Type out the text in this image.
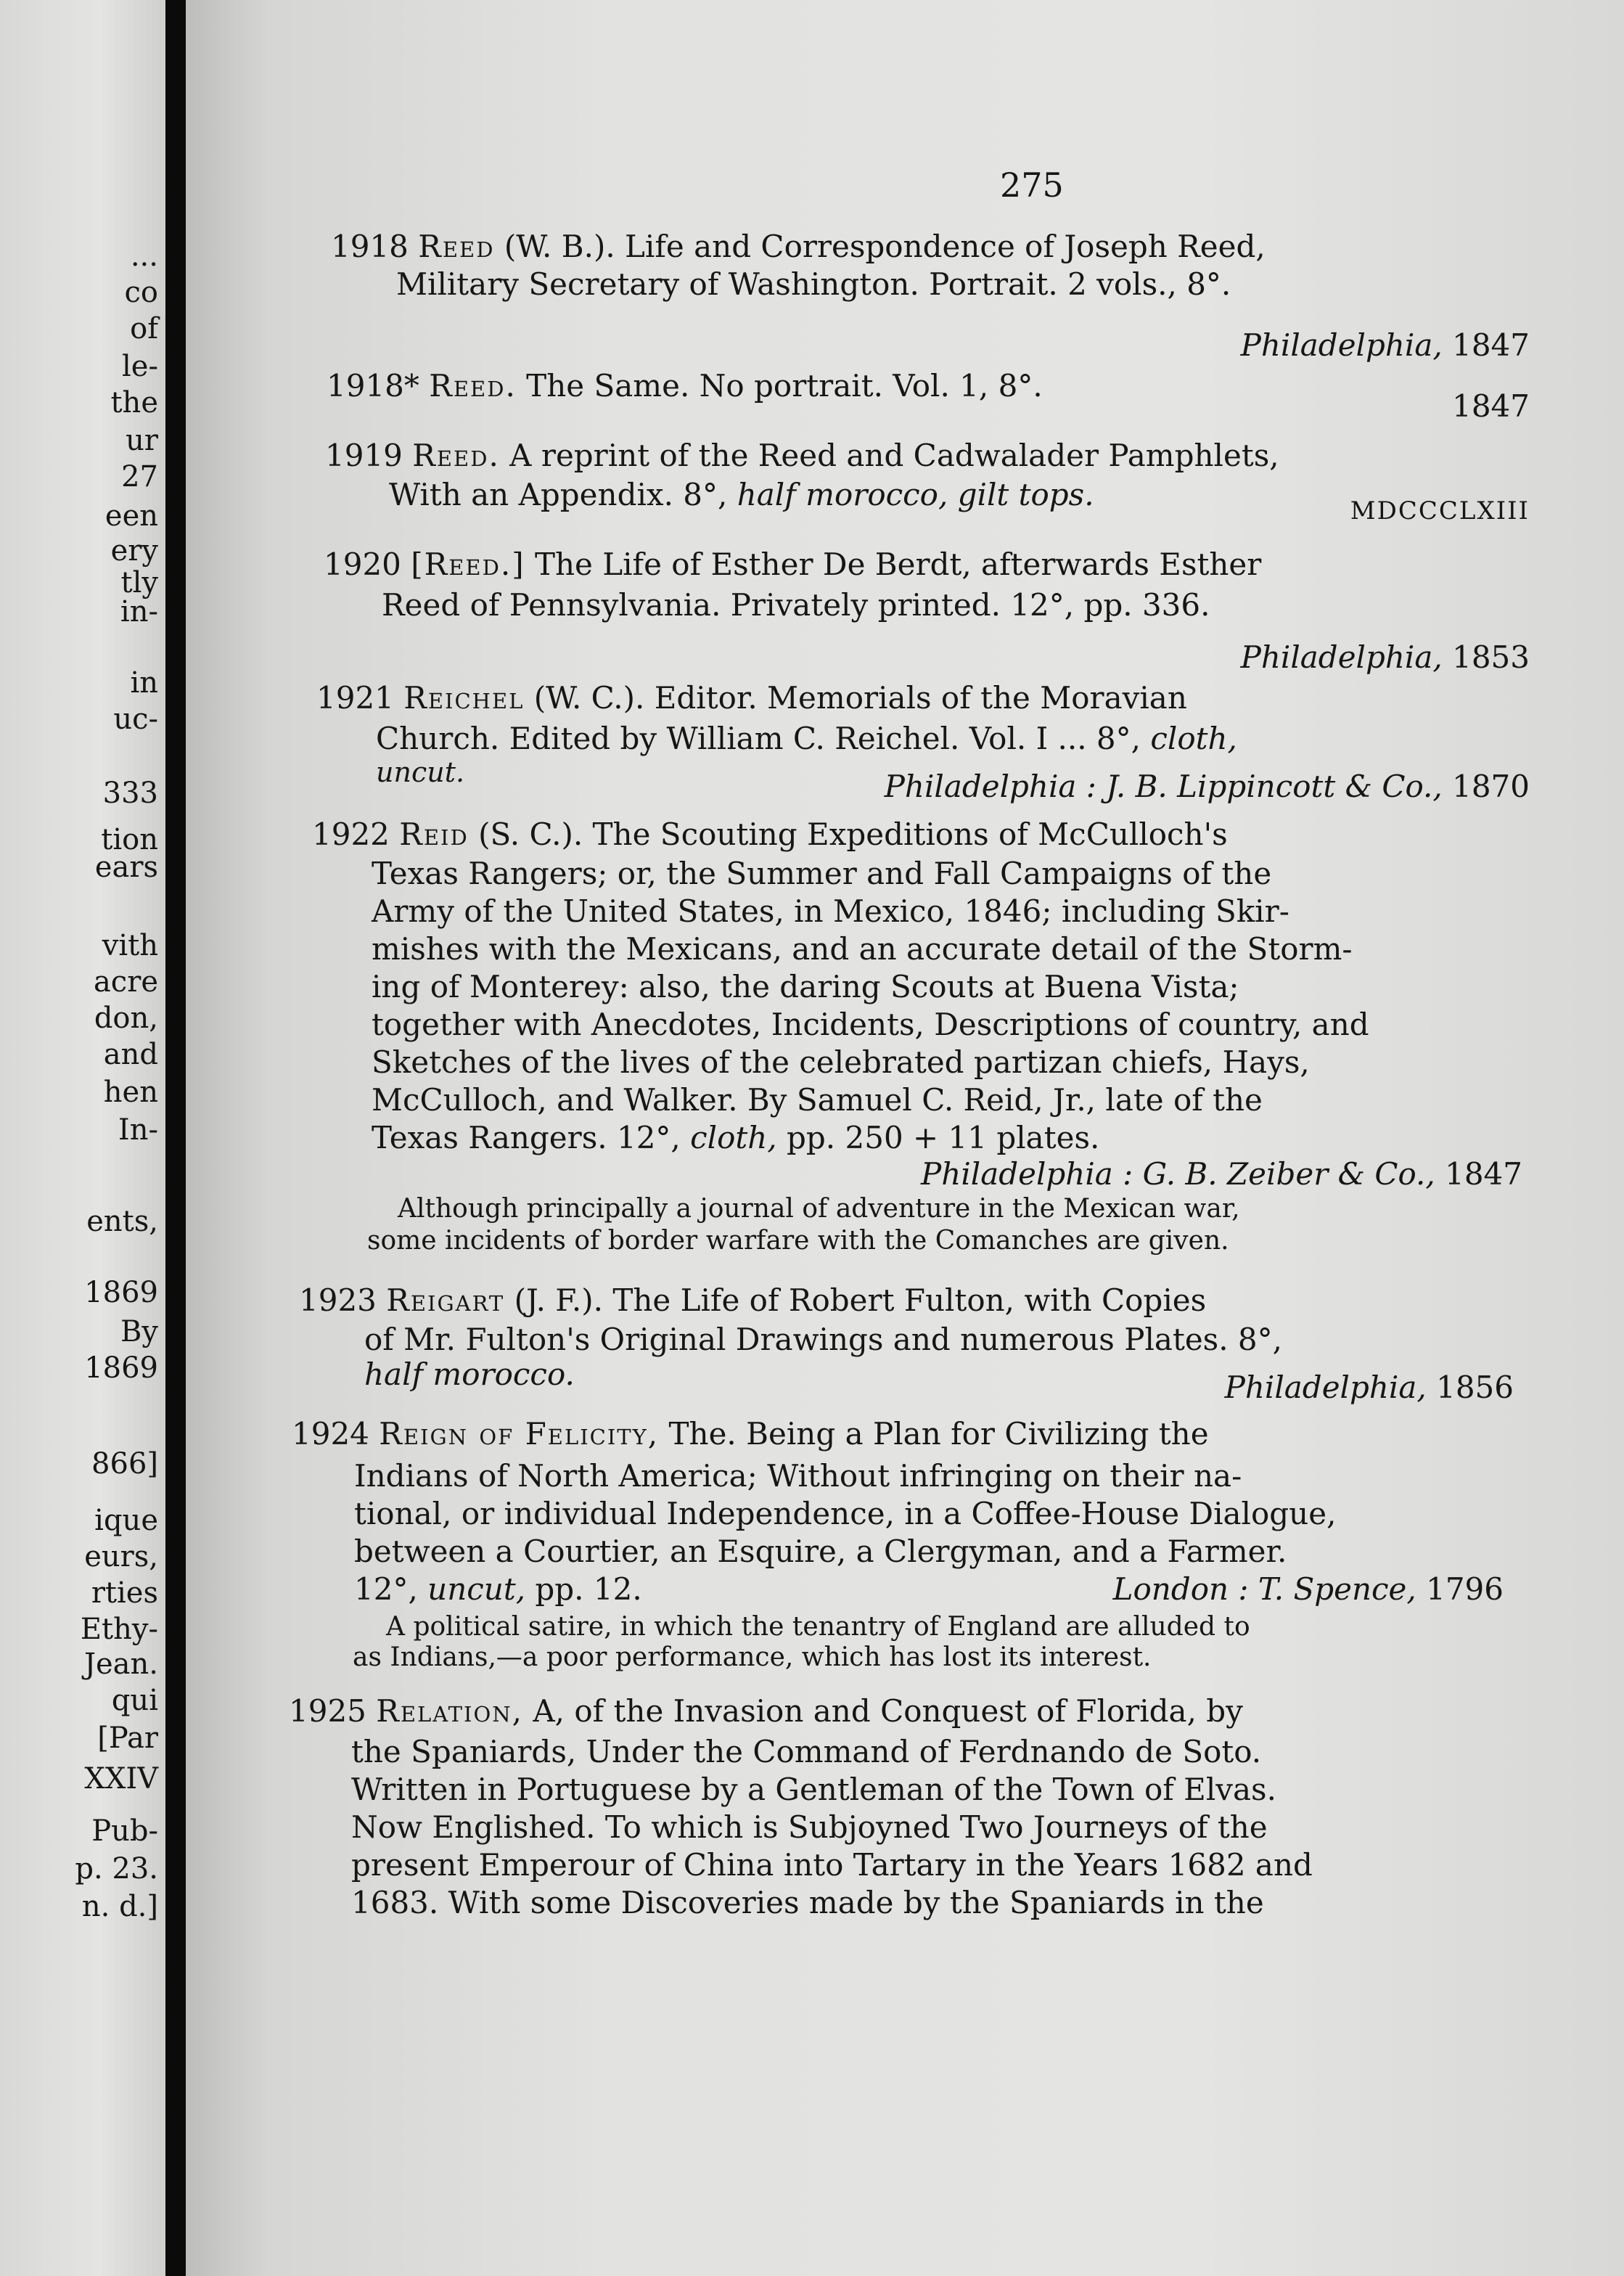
...
co
of
le-
the
ur
27
een
ery
tly
in-
in
uc-
333
tion
ears
vith
acre
don,
and
hen
In-
ents,
1869
By
1869
866]
ique
eurs,
rties
Ethy-
Jean.
qui
[Par
XXIV
Pub-
p. 23.
n. d.]
275
1918 Reed (W. B.). Life and Correspondence of Joseph Reed,
Military Secretary of Washington. Portrait. 2 vols., 8°.
Philadelphia, 1847
1918* Reed. The Same. No portrait. Vol. 1, 8°.
1847
1919 Reed. A reprint of the Reed and Cadwalader Pamphlets,
With an Appendix. 8°, half morocco, gilt tops.	MDCCCLXIII
1920 [Reed.] The Life of Esther De Berdt, afterwards Esther
Reed of Pennsylvania. Privately printed. 12°, pp. 336.
Philadelphia, 1853
1921 Reichel (W. C.). Editor. Memorials of the Moravian
Church. Edited by William C. Reichel. Vol. I ... 8°, cloth,
uncut.	Philadelphia : J. B. Lippincott & Co., 1870
1922 Reid (S. C.). The Scouting Expeditions of McCulloch's
Texas Rangers; or, the Summer and Fall Campaigns of the
Army of the United States, in Mexico, 1846; including Skir-
mishes with the Mexicans, and an accurate detail of the Storm-
ing of Monterey: also, the daring Scouts at Buena Vista;
together with Anecdotes, Incidents, Descriptions of country, and
Sketches of the lives of the celebrated partizan chiefs, Hays,
McCulloch, and Walker. By Samuel C. Reid, Jr., late of the
Texas Rangers. 12°, cloth, pp. 250 + 11 plates.
Philadelphia : G. B. Zeiber & Co., 1847
Although principally a journal of adventure in the Mexican war,
some incidents of border warfare with the Comanches are given.
1923 Reigart (J. F.). The Life of Robert Fulton, with Copies
of Mr. Fulton's Original Drawings and numerous Plates. 8°,
half morocco.	Philadelphia, 1856
1924 Reign of Felicity, The. Being a Plan for Civilizing the
Indians of North America; Without infringing on their na-
tional, or individual Independence, in a Coffee-House Dialogue,
between a Courtier, an Esquire, a Clergyman, and a Farmer.
12°, uncut, pp. 12.	London : T. Spence, 1796
A political satire, in which the tenantry of England are alluded to
as Indians,—a poor performance, which has lost its interest.
1925 Relation, A, of the Invasion and Conquest of Florida, by
the Spaniards, Under the Command of Ferdnando de Soto.
Written in Portuguese by a Gentleman of the Town of Elvas.
Now Englished. To which is Subjoyned Two Journeys of the
present Emperour of China into Tartary in the Years 1682 and
1683. With some Discoveries made by the Spaniards in the
